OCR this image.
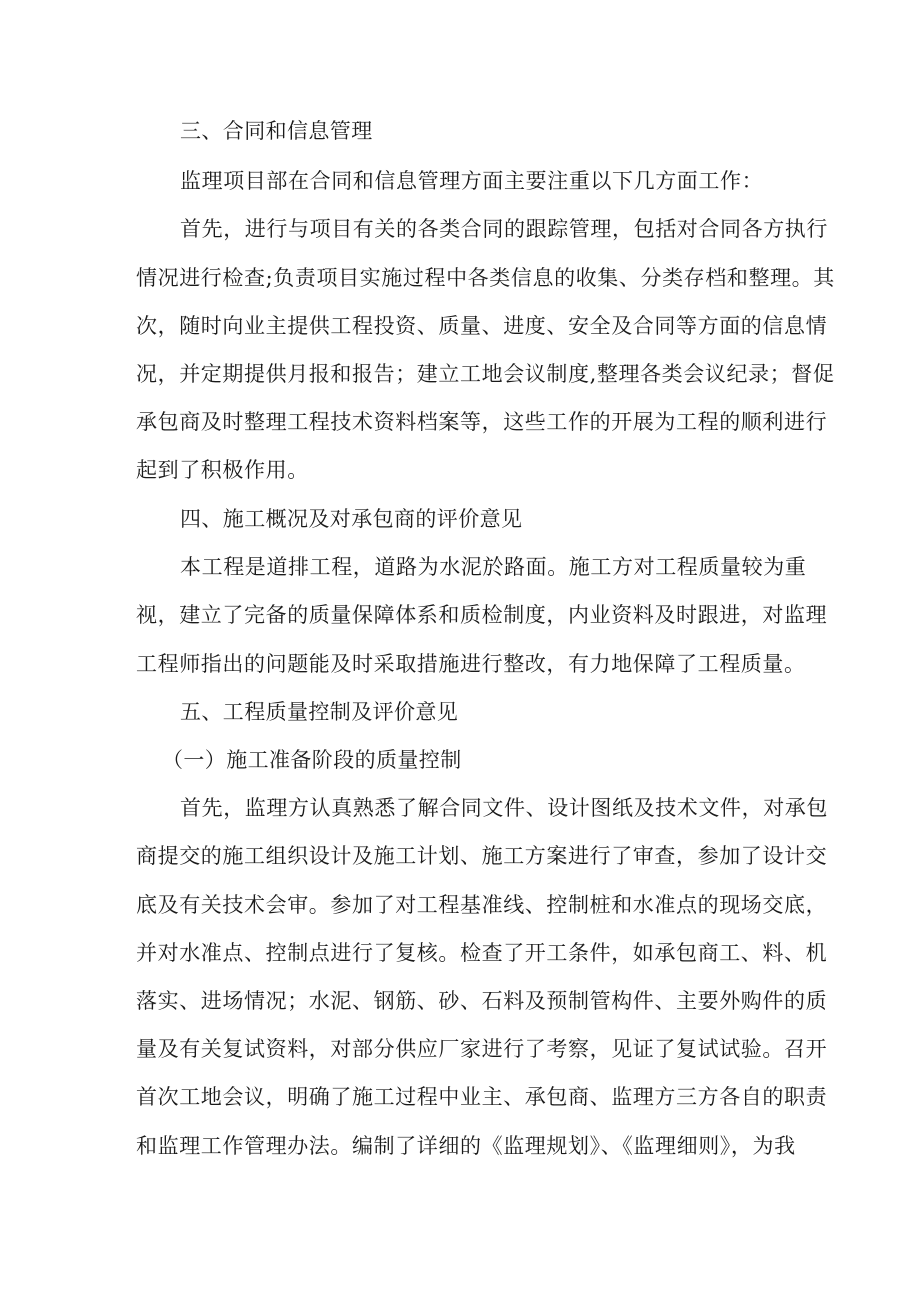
三、合同和信息管理
监理项目部在合同和信息管理方面主要注重以下几方面工作：
首先，进行与项目有关的各类合同的跟踪管理，包括对合同各方执行
情况进行检查;负责项目实施过程中各类信息的收集、分类存档和整理。其
次，随时向业主提供工程投资、质量、进度、安全及合同等方面的信息情
况，并定期提供月报和报告；建立工地会议制度,整理各类会议纪录；督促
承包商及时整理工程技术资料档案等，这些工作的开展为工程的顺利进行
起到了积极作用。
四、施工概况及对承包商的评价意见
本工程是道排工程，道路为水泥於路面。施工方对工程质量较为重
视，建立了完备的质量保障体系和质检制度，内业资料及时跟进，对监理
工程师指出的问题能及时采取措施进行整改，有力地保障了工程质量。
五、工程质量控制及评价意见
（一）施工准备阶段的质量控制
首先，监理方认真熟悉了解合同文件、设计图纸及技术文件，对承包
商提交的施工组织设计及施工计划、施工方案进行了审查，参加了设计交
底及有关技术会审。参加了对工程基准线、控制桩和水准点的现场交底，
并对水准点、控制点进行了复核。检查了开工条件，如承包商工、料、机
落实、进场情况；水泥、钢筋、砂、石料及预制管构件、主要外购件的质
量及有关复试资料，对部分供应厂家进行了考察，见证了复试试验。召开
首次工地会议，明确了施工过程中业主、承包商、监理方三方各自的职责
和监理工作管理办法。编制了详细的《监理规划》、《监理细则》，为我
